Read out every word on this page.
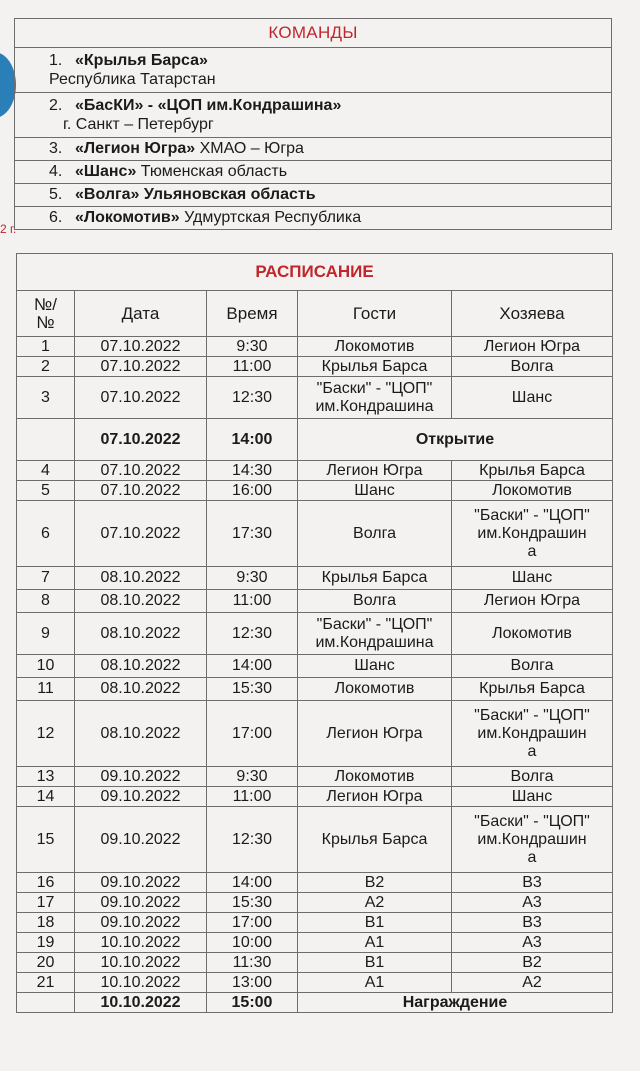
2 г.
КОМАНДЫ
1. «Крылья Барса»
Республика Татарстан

2. «БасКИ» - «ЦОП им.Кондрашина»
г. Санкт – Петербург

3. «Легион Югра» ХМАО – Югра
4. «Шанс» Тюменская область
5. «Волга» Ульяновская область
6. «Локомотив» Удмуртская Республика
РАСПИСАНИЕ				
№/
№	Дата	Время	Гости	Хозяева
1	07.10.2022	9:30	Локомотив	Легион Югра
2	07.10.2022	11:00	Крылья Барса	Волга
3	07.10.2022	12:30	"Баски" - "ЦОП"
им.Кондрашина	Шанс
	07.10.2022	14:00	Открытие	
4	07.10.2022	14:30	Легион Югра	Крылья Барса
5	07.10.2022	16:00	Шанс	Локомотив
6	07.10.2022	17:30	Волга	"Баски" - "ЦОП"
им.Кондрашин
а
7	08.10.2022	9:30	Крылья Барса	Шанс
8	08.10.2022	11:00	Волга	Легион Югра
9	08.10.2022	12:30	"Баски" - "ЦОП"
им.Кондрашина	Локомотив
10	08.10.2022	14:00	Шанс	Волга
11	08.10.2022	15:30	Локомотив	Крылья Барса
12	08.10.2022	17:00	Легион Югра	"Баски" - "ЦОП"
им.Кондрашин
а
13	09.10.2022	9:30	Локомотив	Волга
14	09.10.2022	11:00	Легион Югра	Шанс
15	09.10.2022	12:30	Крылья Барса	"Баски" - "ЦОП"
им.Кондрашин
а
16	09.10.2022	14:00	В2	В3
17	09.10.2022	15:30	А2	А3
18	09.10.2022	17:00	В1	В3
19	10.10.2022	10:00	А1	А3
20	10.10.2022	11:30	В1	В2
21	10.10.2022	13:00	А1	А2
	10.10.2022	15:00	Награждение	
